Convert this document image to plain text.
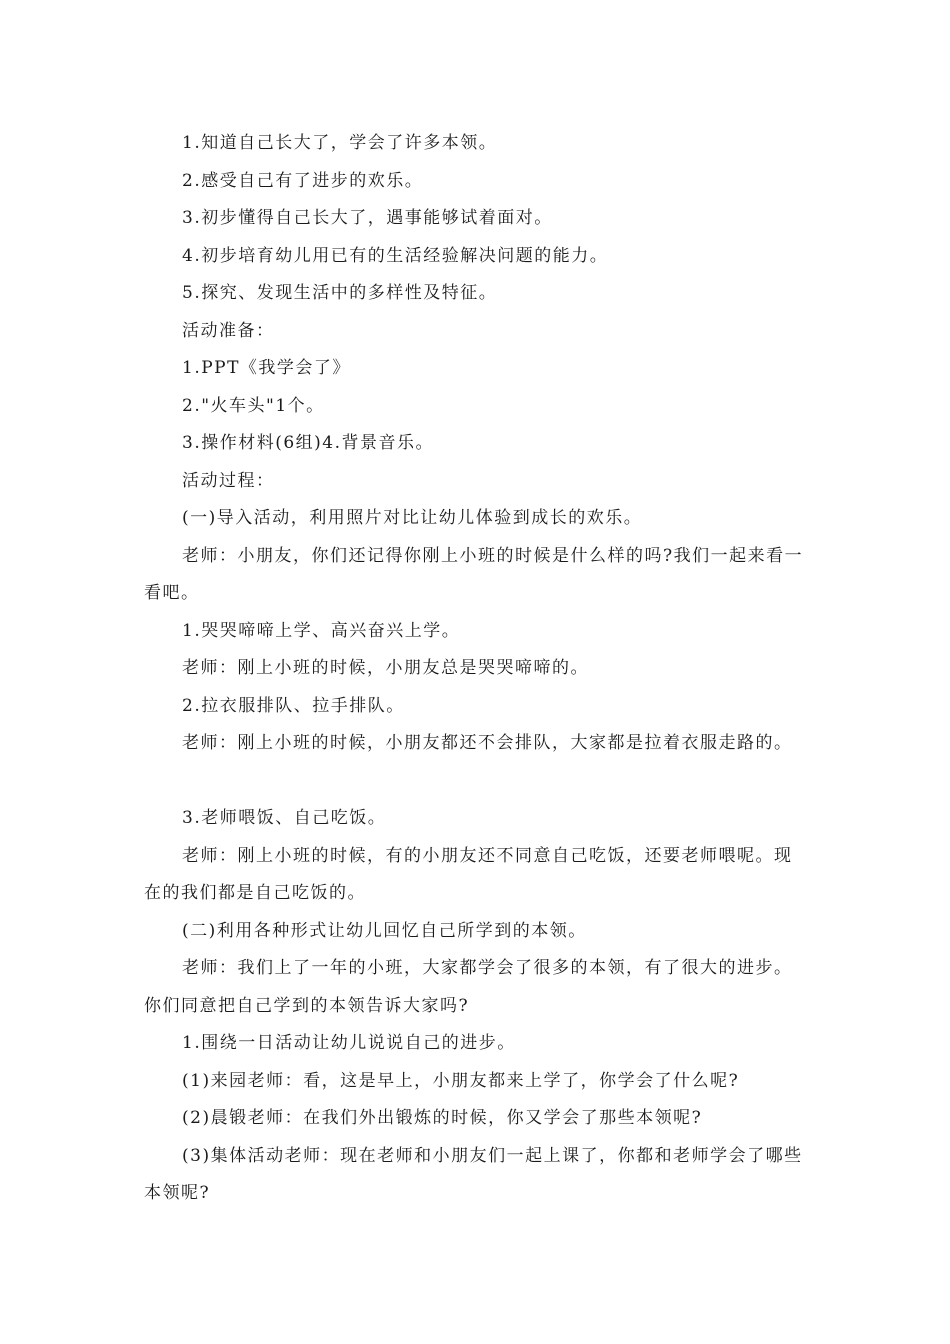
1.知道自己长大了，学会了许多本领。

2.感受自己有了进步的欢乐。

3.初步懂得自己长大了，遇事能够试着面对。

4.初步培育幼儿用已有的生活经验解决问题的能力。

5.探究、发现生活中的多样性及特征。

活动准备：

1.PPT《我学会了》

2."火车头"1个。

3.操作材料(6组)4.背景音乐。

活动过程：

(一)导入活动，利用照片对比让幼儿体验到成长的欢乐。

老师：小朋友，你们还记得你刚上小班的时候是什么样的吗?我们一起来看一看吧。

1.哭哭啼啼上学、高兴奋兴上学。

老师：刚上小班的时候，小朋友总是哭哭啼啼的。

2.拉衣服排队、拉手排队。

老师：刚上小班的时候，小朋友都还不会排队，大家都是拉着衣服走路的。

3.老师喂饭、自己吃饭。

老师：刚上小班的时候，有的小朋友还不同意自己吃饭，还要老师喂呢。现在的我们都是自己吃饭的。

(二)利用各种形式让幼儿回忆自己所学到的本领。

老师：我们上了一年的小班，大家都学会了很多的本领，有了很大的进步。你们同意把自己学到的本领告诉大家吗?

1.围绕一日活动让幼儿说说自己的进步。

(1)来园老师：看，这是早上，小朋友都来上学了，你学会了什么呢?

(2)晨锻老师：在我们外出锻炼的时候，你又学会了那些本领呢?

(3)集体活动老师：现在老师和小朋友们一起上课了，你都和老师学会了哪些本领呢?
